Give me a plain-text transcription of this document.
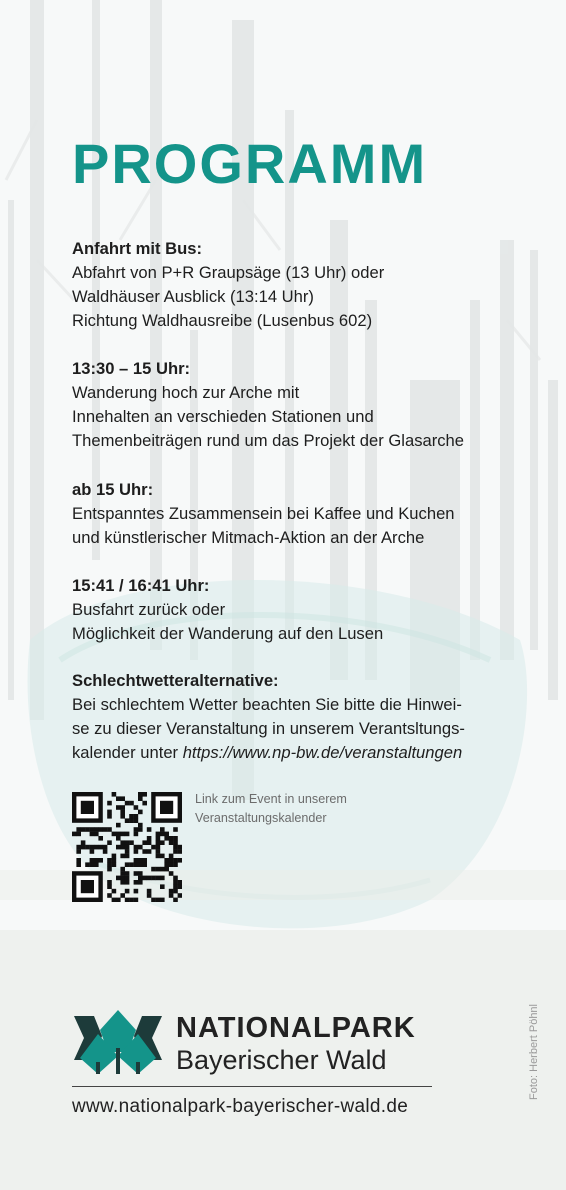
PROGRAMM
Anfahrt mit Bus:
Abfahrt von P+R Graupsäge (13 Uhr) oder
Waldhäuser Ausblick (13:14 Uhr)
Richtung Waldhausreibe (Lusenbus 602)
13:30 – 15 Uhr:
Wanderung hoch zur Arche mit
Innehalten an verschieden Stationen und
Themenbeiträgen rund um das Projekt der Glasarche
ab 15 Uhr:
Entspanntes Zusammensein bei Kaffee und Kuchen
und künstlerischer Mitmach-Aktion an der Arche
15:41 / 16:41 Uhr:
Busfahrt zurück oder
Möglichkeit der Wanderung auf den Lusen
Schlechtwetteralternative:
Bei schlechtem Wetter beachten Sie bitte die Hinwei-
se zu dieser Veranstaltung in unserem Verantsltungs-
kalender unter https://www.np-bw.de/veranstaltungen
Link zum Event in unserem
Veranstaltungskalender
NATIONALPARK
Bayerischer Wald
www.nationalpark-bayerischer-wald.de
Foto: Herbert Pöhnl
